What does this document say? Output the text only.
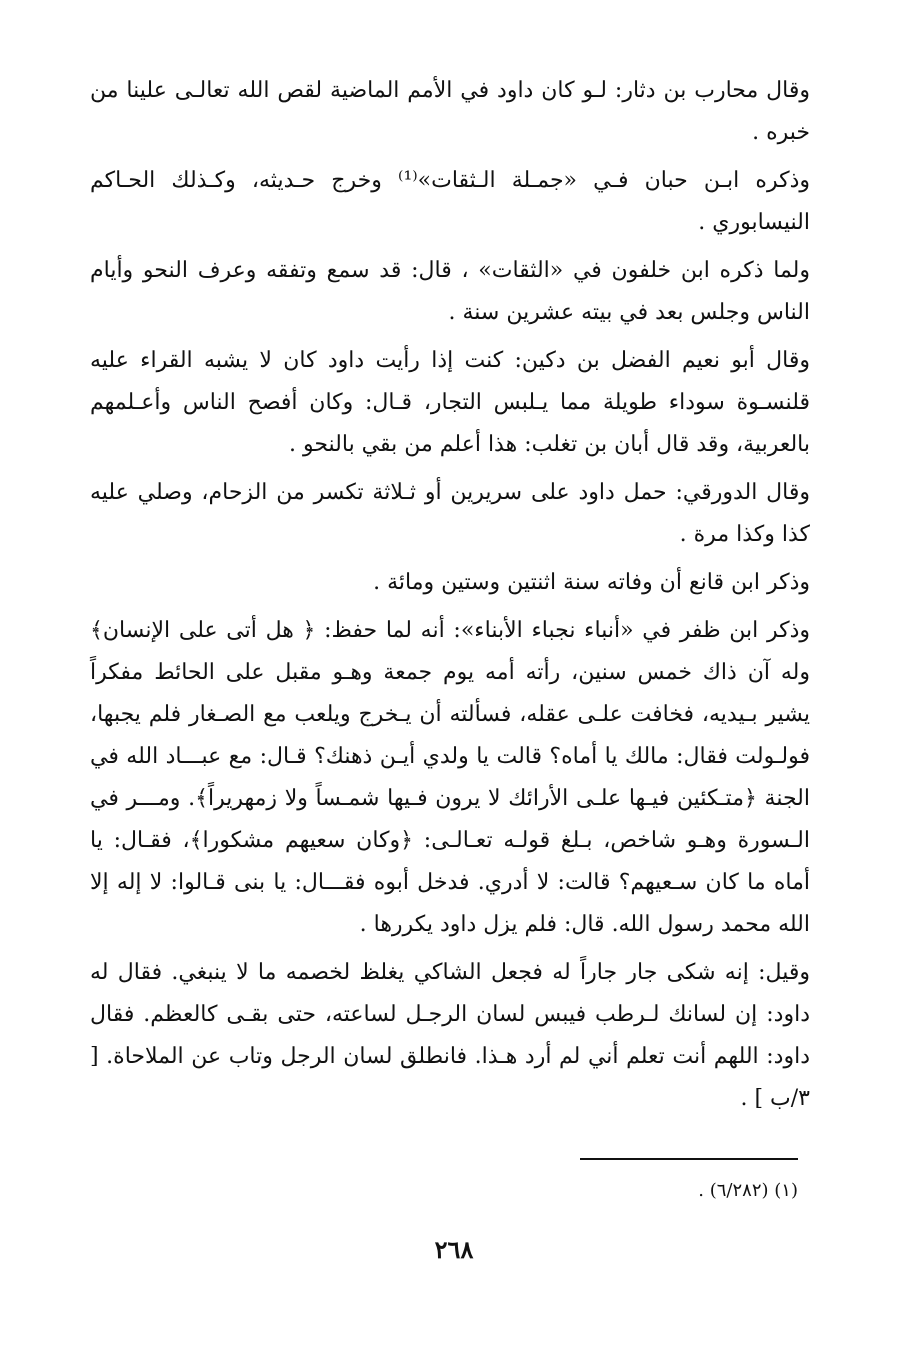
وقال محارب بن دثار: لـو كان داود في الأمم الماضية لقص الله تعالـى علينا من خبره .

وذكره ابـن حبان فـي «جمـلة الـثقات»⁽¹⁾ وخرج حـديثه، وكـذلك الحـاكم النيسابوري .

ولما ذكره ابن خلفون في «الثقات» ، قال: قد سمع وتفقه وعرف النحو وأيام الناس وجلس بعد في بيته عشرين سنة .

وقال أبو نعيم الفضل بن دكين: كنت إذا رأيت داود كان لا يشبه القراء عليه قلنسـوة سوداء طويلة مما يـلبس التجار، قـال: وكان أفصح الناس وأعـلمهم بالعربية، وقد قال أبان بن تغلب: هذا أعلم من بقي بالنحو .

وقال الدورقي: حمل داود على سريرين أو ثـلاثة تكسر من الزحام، وصلي عليه كذا وكذا مرة .

وذكر ابن قانع أن وفاته سنة اثنتين وستين ومائة .

وذكر ابن ظفر في «أنباء نجباء الأبناء»: أنه لما حفظ: ﴿ هل أتى على الإنسان﴾ وله آن ذاك خمس سنين، رأته أمه يوم جمعة وهـو مقبل على الحائط مفكراً يشير بـيديه، فخافت علـى عقله، فسألته أن يـخرج ويلعب مع الصـغار فلم يجبها، فولـولت فقال: مالك يا أماه؟ قالت يا ولدي أيـن ذهنك؟ قـال: مع عبـــاد الله في الجنة ﴿متـكئين فيـها علـى الأرائك لا يرون فـيها شمـساً ولا زمهريراً﴾. ومـــر في الـسورة وهـو شاخص، بـلغ قولـه تعـالـى: ﴿وكان سعيهم مشكورا﴾، فقـال: يا أماه ما كان سـعيهم؟ قالت: لا أدري. فدخل أبوه فقـــال: يا بنى قـالوا: لا إله إلا الله محمد رسول الله. قال: فلم يزل داود يكررها .

وقيل: إنه شكى جار جاراً له فجعل الشاكي يغلظ لخصمه ما لا ينبغي. فقال له داود: إن لسانك لـرطب فيبس لسان الرجـل لساعته، حتى بقـى كالعظم. فقال داود: اللهم أنت تعلم أني لم أرد هـذا. فانطلق لسان الرجل وتاب عن الملاحاة. [ ٣/ب ] .

(١) (٦/٢٨٢) .
٢٦٨
